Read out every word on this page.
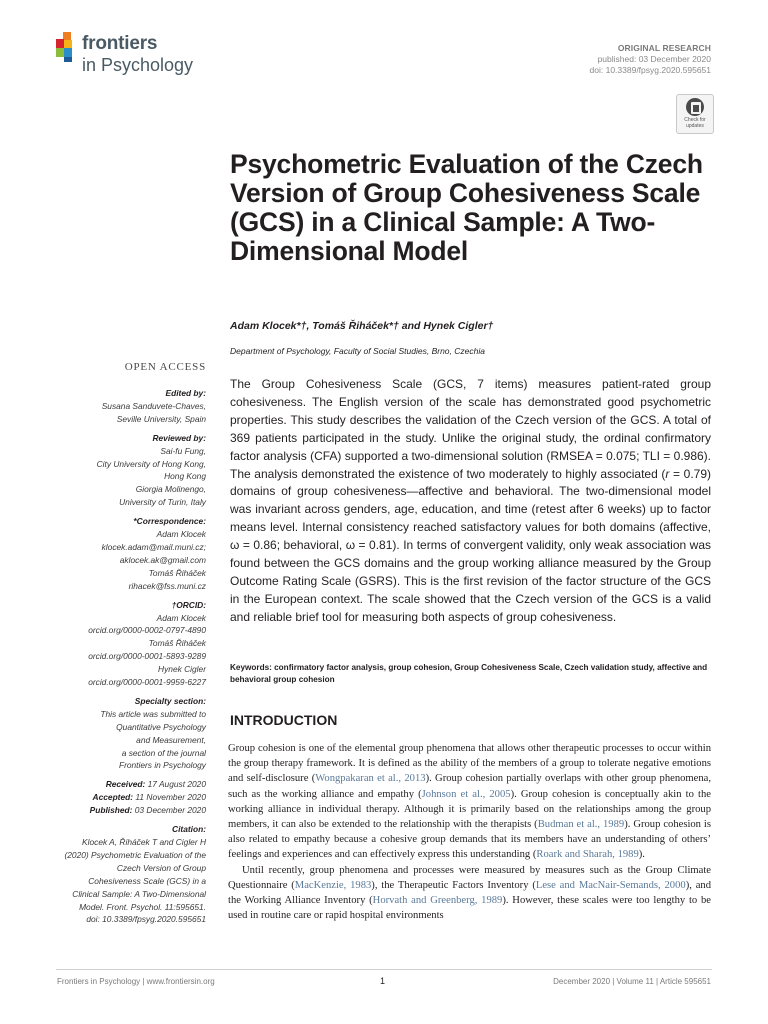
frontiers
in Psychology
ORIGINAL RESEARCH
published: 03 December 2020
doi: 10.3389/fpsyg.2020.595651
Check for
updates
Psychometric Evaluation of the Czech Version of Group Cohesiveness Scale (GCS) in a Clinical Sample: A Two-Dimensional Model
Adam Klocek*†, Tomáš Řiháček*† and Hynek Cigler†
Department of Psychology, Faculty of Social Studies, Brno, Czechia
OPEN ACCESS
Edited by:
Susana Sanduvete-Chaves,
Seville University, Spain
Reviewed by:
Sai-fu Fung,
City University of Hong Kong,
Hong Kong
Giorgia Molinengo,
University of Turin, Italy
*Correspondence:
Adam Klocek
klocek.adam@mail.muni.cz;
aklocek.ak@gmail.com
Tomáš Řiháček
rihacek@fss.muni.cz
†ORCID:
Adam Klocek
orcid.org/0000-0002-0797-4890
Tomáš Řiháček
orcid.org/0000-0001-5893-9289
Hynek Cigler
orcid.org/0000-0001-9959-6227
Specialty section:
This article was submitted to
Quantitative Psychology
and Measurement,
a section of the journal
Frontiers in Psychology
Received: 17 August 2020
Accepted: 11 November 2020
Published: 03 December 2020
Citation:
Klocek A, Řiháček T and Cigler H
(2020) Psychometric Evaluation of the
Czech Version of Group
Cohesiveness Scale (GCS) in a
Clinical Sample: A Two-Dimensional
Model. Front. Psychol. 11:595651.
doi: 10.3389/fpsyg.2020.595651

The Group Cohesiveness Scale (GCS, 7 items) measures patient-rated group cohesiveness. The English version of the scale has demonstrated good psychometric properties. This study describes the validation of the Czech version of the GCS. A total of 369 patients participated in the study. Unlike the original study, the ordinal confirmatory factor analysis (CFA) supported a two-dimensional solution (RMSEA = 0.075; TLI = 0.986). The analysis demonstrated the existence of two moderately to highly associated (r = 0.79) domains of group cohesiveness—affective and behavioral. The two-dimensional model was invariant across genders, age, education, and time (retest after 6 weeks) up to factor means level. Internal consistency reached satisfactory values for both domains (affective, ω = 0.86; behavioral, ω = 0.81). In terms of convergent validity, only weak association was found between the GCS domains and the group working alliance measured by the Group Outcome Rating Scale (GSRS). This is the first revision of the factor structure of the GCS in the European context. The scale showed that the Czech version of the GCS is a valid and reliable brief tool for measuring both aspects of group cohesiveness.

Keywords: confirmatory factor analysis, group cohesion, Group Cohesiveness Scale, Czech validation study, affective and behavioral group cohesion

INTRODUCTION

Group cohesion is one of the elemental group phenomena that allows other therapeutic processes to occur within the group therapy framework. It is defined as the ability of the members of a group to tolerate negative emotions and self-disclosure (Wongpakaran et al., 2013). Group cohesion partially overlaps with other group phenomena, such as the working alliance and empathy (Johnson et al., 2005). Group cohesion is conceptually akin to the working alliance in individual therapy. Although it is primarily based on the relationships among the group members, it can also be extended to the relationship with the therapists (Budman et al., 1989). Group cohesion is also related to empathy because a cohesive group demands that its members have an understanding of others’ feelings and experiences and can effectively express this understanding (Roark and Sharah, 1989).

Until recently, group phenomena and processes were measured by measures such as the Group Climate Questionnaire (MacKenzie, 1983), the Therapeutic Factors Inventory (Lese and MacNair-Semands, 2000), and the Working Alliance Inventory (Horvath and Greenberg, 1989). However, these scales were too lengthy to be used in routine care or rapid hospital environments

Frontiers in Psychology | www.frontiersin.org	1	December 2020 | Volume 11 | Article 595651
